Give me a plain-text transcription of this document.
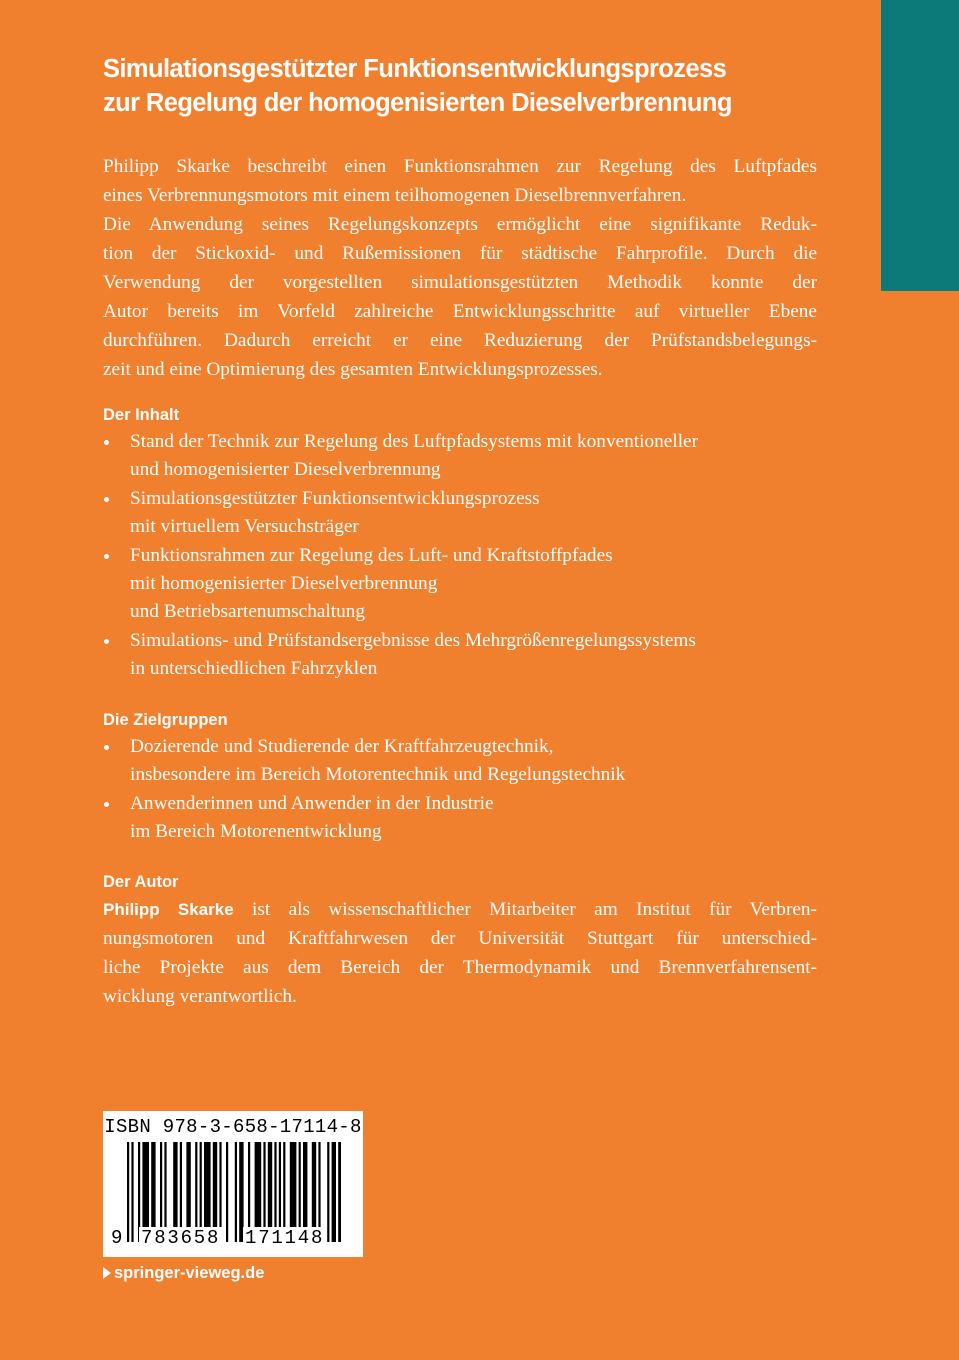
Simulationsgestützter Funktionsentwicklungsprozess
zur Regelung der homogenisierten Dieselverbrennung

Philipp Skarke beschreibt einen Funktionsrahmen zur Regelung des Luftpfades
eines Verbrennungsmotors mit einem teilhomogenen Dieselbrennverfahren.
Die Anwendung seines Regelungskonzepts ermöglicht eine signifikante Reduk-
tion der Stickoxid- und Rußemissionen für städtische Fahrprofile. Durch die
Verwendung der vorgestellten simulationsgestützten Methodik konnte der
Autor bereits im Vorfeld zahlreiche Entwicklungsschritte auf virtueller Ebene
durchführen. Dadurch erreicht er eine Reduzierung der Prüfstandsbelegungs-
zeit und eine Optimierung des gesamten Entwicklungsprozesses.

Der Inhalt
Stand der Technik zur Regelung des Luftpfadsystems mit konventioneller
und homogenisierter Dieselverbrennung
Simulationsgestützter Funktionsentwicklungsprozess
mit virtuellem Versuchsträger
Funktionsrahmen zur Regelung des Luft- und Kraftstoffpfades
mit homogenisierter Dieselverbrennung
und Betriebsartenumschaltung
Simulations- und Prüfstandsergebnisse des Mehrgrößenregelungssystems
in unterschiedlichen Fahrzyklen
Die Zielgruppen
Dozierende und Studierende der Kraftfahrzeugtechnik,
insbesondere im Bereich Motorentechnik und Regelungstechnik
Anwenderinnen und Anwender in der Industrie
im Bereich Motorenentwicklung
Der Autor
Philipp Skarke ist als wissenschaftlicher Mitarbeiter am Institut für Verbren-
nungsmotoren und Kraftfahrwesen der Universität Stuttgart für unterschied-
liche Projekte aus dem Bereich der Thermodynamik und Brennverfahrensent-
wicklung verantwortlich.
ISBN 978-3-658-17114-8
9 783658 171148
springer-vieweg.de
